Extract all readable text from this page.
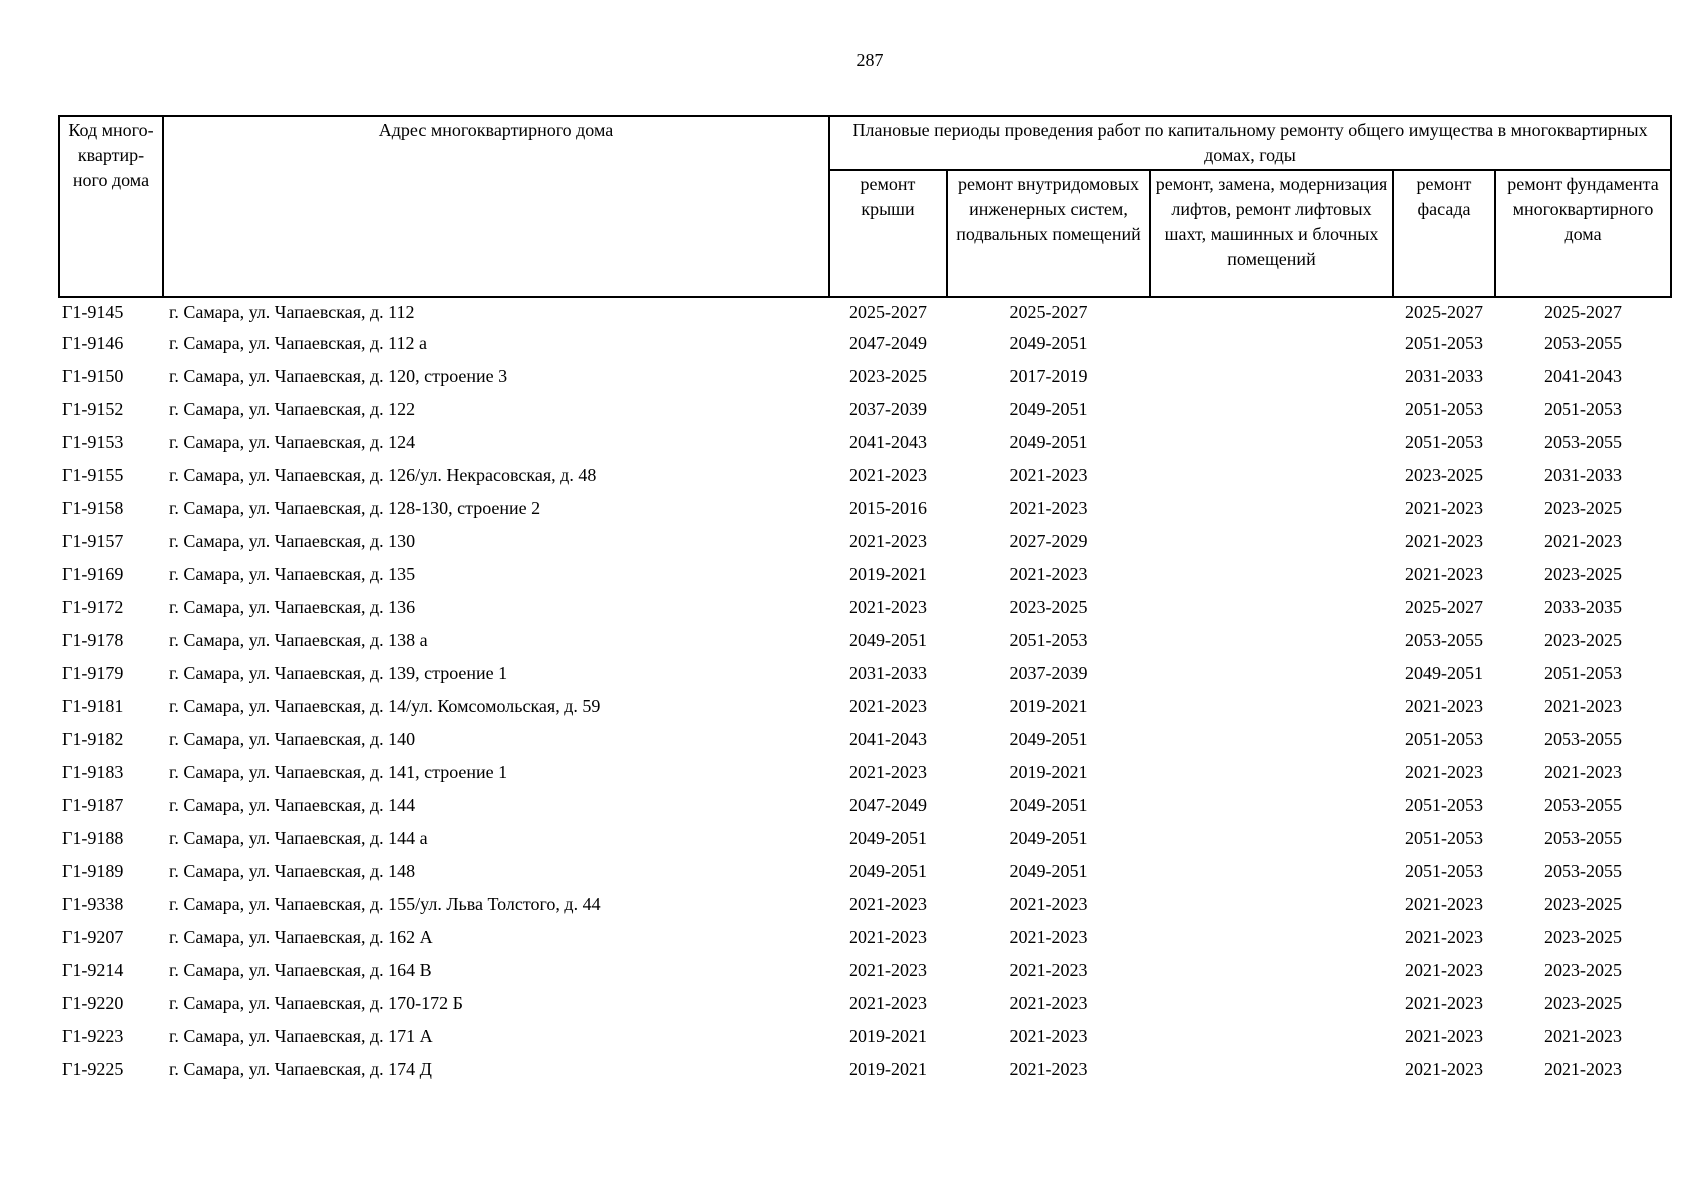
287
Код много-квартир-ного дома	Адрес многоквартирного дома	Плановые периоды проведения работ по капитальному ремонту общего имущества в многоквартирных домах, годы				
		ремонт крыши	ремонт внутридомовых инженерных систем, подвальных помещений	ремонт, замена, модернизация лифтов, ремонт лифтовых шахт, машинных и блочных помещений	ремонт фасада	ремонт фундамента многоквартирного дома
Г1-9145	г. Самара, ул. Чапаевская, д. 112	2025-2027	2025-2027		2025-2027	2025-2027
Г1-9146	г. Самара, ул. Чапаевская, д. 112 а	2047-2049	2049-2051		2051-2053	2053-2055
Г1-9150	г. Самара, ул. Чапаевская, д. 120, строение 3	2023-2025	2017-2019		2031-2033	2041-2043
Г1-9152	г. Самара, ул. Чапаевская, д. 122	2037-2039	2049-2051		2051-2053	2051-2053
Г1-9153	г. Самара, ул. Чапаевская, д. 124	2041-2043	2049-2051		2051-2053	2053-2055
Г1-9155	г. Самара, ул. Чапаевская, д. 126/ул. Некрасовская, д. 48	2021-2023	2021-2023		2023-2025	2031-2033
Г1-9158	г. Самара, ул. Чапаевская, д. 128-130, строение 2	2015-2016	2021-2023		2021-2023	2023-2025
Г1-9157	г. Самара, ул. Чапаевская, д. 130	2021-2023	2027-2029		2021-2023	2021-2023
Г1-9169	г. Самара, ул. Чапаевская, д. 135	2019-2021	2021-2023		2021-2023	2023-2025
Г1-9172	г. Самара, ул. Чапаевская, д. 136	2021-2023	2023-2025		2025-2027	2033-2035
Г1-9178	г. Самара, ул. Чапаевская, д. 138 а	2049-2051	2051-2053		2053-2055	2023-2025
Г1-9179	г. Самара, ул. Чапаевская, д. 139, строение 1	2031-2033	2037-2039		2049-2051	2051-2053
Г1-9181	г. Самара, ул. Чапаевская, д. 14/ул. Комсомольская, д. 59	2021-2023	2019-2021		2021-2023	2021-2023
Г1-9182	г. Самара, ул. Чапаевская, д. 140	2041-2043	2049-2051		2051-2053	2053-2055
Г1-9183	г. Самара, ул. Чапаевская, д. 141, строение 1	2021-2023	2019-2021		2021-2023	2021-2023
Г1-9187	г. Самара, ул. Чапаевская, д. 144	2047-2049	2049-2051		2051-2053	2053-2055
Г1-9188	г. Самара, ул. Чапаевская, д. 144 а	2049-2051	2049-2051		2051-2053	2053-2055
Г1-9189	г. Самара, ул. Чапаевская, д. 148	2049-2051	2049-2051		2051-2053	2053-2055
Г1-9338	г. Самара, ул. Чапаевская, д. 155/ул. Льва Толстого, д. 44	2021-2023	2021-2023		2021-2023	2023-2025
Г1-9207	г. Самара, ул. Чапаевская, д. 162 А	2021-2023	2021-2023		2021-2023	2023-2025
Г1-9214	г. Самара, ул. Чапаевская, д. 164 В	2021-2023	2021-2023		2021-2023	2023-2025
Г1-9220	г. Самара, ул. Чапаевская, д. 170-172 Б	2021-2023	2021-2023		2021-2023	2023-2025
Г1-9223	г. Самара, ул. Чапаевская, д. 171 А	2019-2021	2021-2023		2021-2023	2021-2023
Г1-9225	г. Самара, ул. Чапаевская, д. 174 Д	2019-2021	2021-2023		2021-2023	2021-2023
